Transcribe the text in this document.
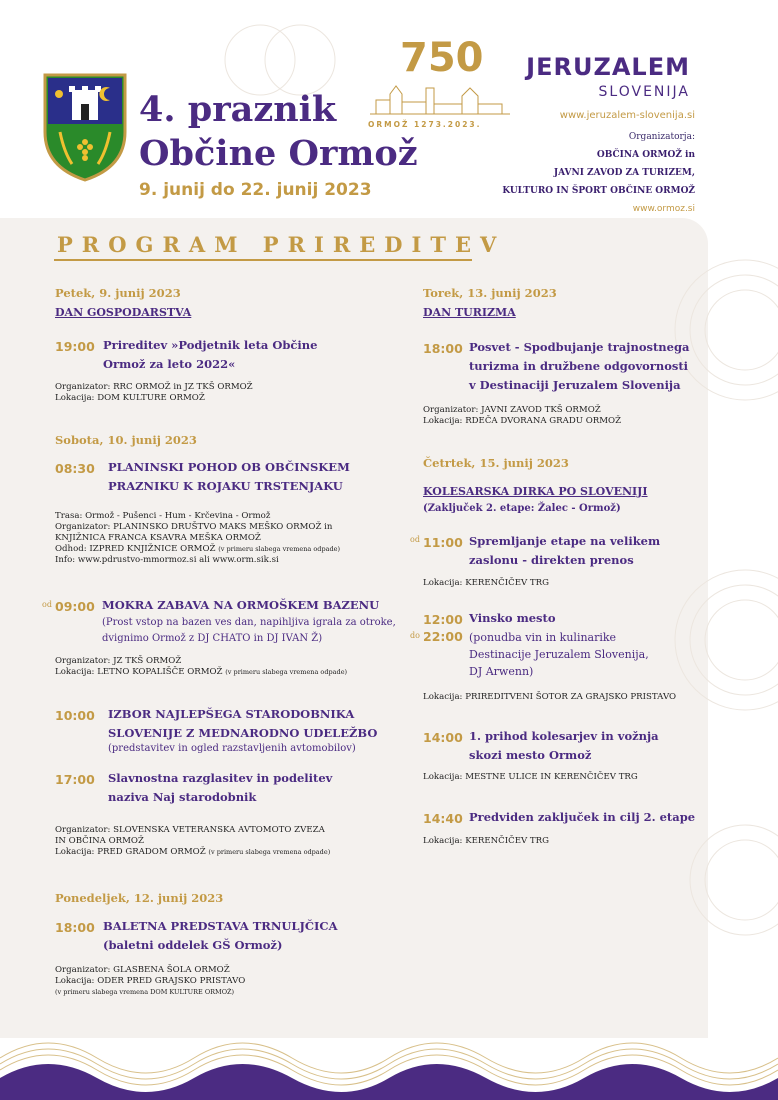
4. praznik
Občine Ormož
9. junij do 22. junij 2023
750
ORMOŽ 1273.2023.
JERUZALEM
SLOVENIJA
www.jeruzalem-slovenija.si
Organizatorja:
OBČINA ORMOŽ in
JAVNI ZAVOD ZA TURIZEM,
KULTURO IN ŠPORT OBČINE ORMOŽ
www.ormoz.si
PROGRAM PRIREDITEV
Petek, 9. junij 2023
DAN GOSPODARSTVA
19:00 Prireditev »Podjetnik leta Občine
Ormož za leto 2022«
Organizator: RRC ORMOŽ in JZ TKŠ ORMOŽ
Lokacija: DOM KULTURE ORMOŽ
Sobota, 10. junij 2023
08:30 PLANINSKI POHOD OB OBČINSKEM
PRAZNIKU K ROJAKU TRSTENJAKU
Trasa: Ormož - Pušenci - Hum - Krčevina - Ormož
Organizator: PLANINSKO DRUŠTVO MAKS MEŠKO ORMOŽ in
KNJIŽNICA FRANCA KSAVRA MEŠKA ORMOŽ
Odhod: IZPRED KNJIŽNICE ORMOŽ (v primeru slabega vremena odpade)
Info: www.pdrustvo-mmormoz.si ali www.orm.sik.si
od 09:00 MOKRA ZABAVA NA ORMOŠKEM BAZENU
(Prost vstop na bazen ves dan, napihljiva igrala za otroke,
dvignimo Ormož z DJ CHATO in DJ IVAN Ž)
Organizator: JZ TKŠ ORMOŽ
Lokacija: LETNO KOPALIŠČE ORMOŽ (v primeru slabega vremena odpade)
10:00 IZBOR NAJLEPŠEGA STARODOBNIKA
SLOVENIJE Z MEDNARODNO UDELEŽBO
(predstavitev in ogled razstavljenih avtomobilov)
17:00 Slavnostna razglasitev in podelitev
naziva Naj starodobnik
Organizator: SLOVENSKA VETERANSKA AVTOMOTO ZVEZA
IN OBČINA ORMOŽ
Lokacija: PRED GRADOM ORMOŽ (v primeru slabega vremena odpade)
Ponedeljek, 12. junij 2023
18:00 BALETNA PREDSTAVA TRNULJČICA
(baletni oddelek GŠ Ormož)
Organizator: GLASBENA ŠOLA ORMOŽ
Lokacija: ODER PRED GRAJSKO PRISTAVO
(v primeru slabega vremena DOM KULTURE ORMOŽ)
Torek, 13. junij 2023
DAN TURIZMA
18:00 Posvet - Spodbujanje trajnostnega
turizma in družbene odgovornosti
v Destinaciji Jeruzalem Slovenija
Organizator: JAVNI ZAVOD TKŠ ORMOŽ
Lokacija: RDEČA DVORANA GRADU ORMOŽ
Četrtek, 15. junij 2023
KOLESARSKA DIRKA PO SLOVENIJI
(Zaključek 2. etape: Žalec - Ormož)
od 11:00 Spremljanje etape na velikem
zaslonu - direkten prenos
Lokacija: KERENČIČEV TRG
12:00
do 22:00
Vinsko mesto
(ponudba vin in kulinarike
Destinacije Jeruzalem Slovenija,
DJ Arwenn)
Lokacija: PRIREDITVENI ŠOTOR ZA GRAJSKO PRISTAVO
14:00 1. prihod kolesarjev in vožnja
skozi mesto Ormož
Lokacija: MESTNE ULICE IN KERENČIČEV TRG
14:40 Predviden zaključek in cilj 2. etape
Lokacija: KERENČIČEV TRG
